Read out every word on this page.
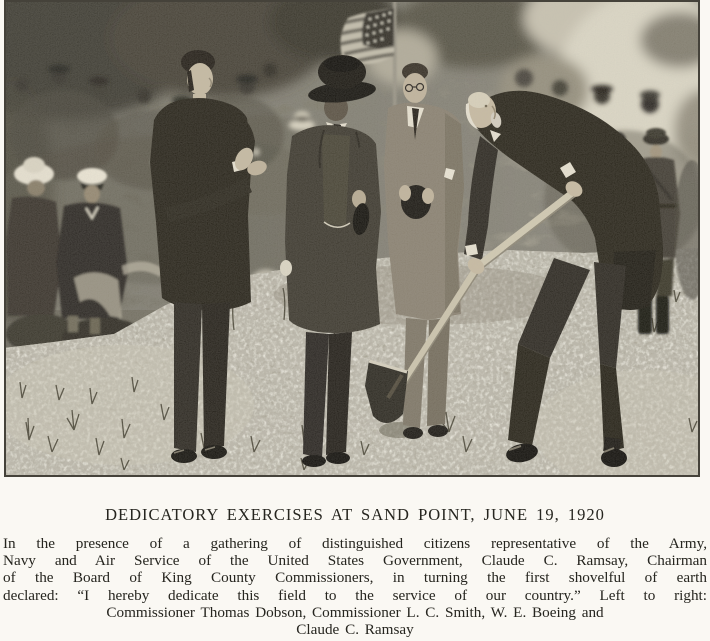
DEDICATORY EXERCISES AT SAND POINT, JUNE 19, 1920
In the presence of a gathering of distinguished citizens representative of the Army,
Navy and Air Service of the United States Government, Claude C. Ramsay, Chairman
of the Board of King County Commissioners, in turning the first shovelful of earth
declared: “I hereby dedicate this field to the service of our country.” Left to right:
Commissioner Thomas Dobson, Commissioner L. C. Smith, W. E. Boeing and
Claude C. Ramsay
